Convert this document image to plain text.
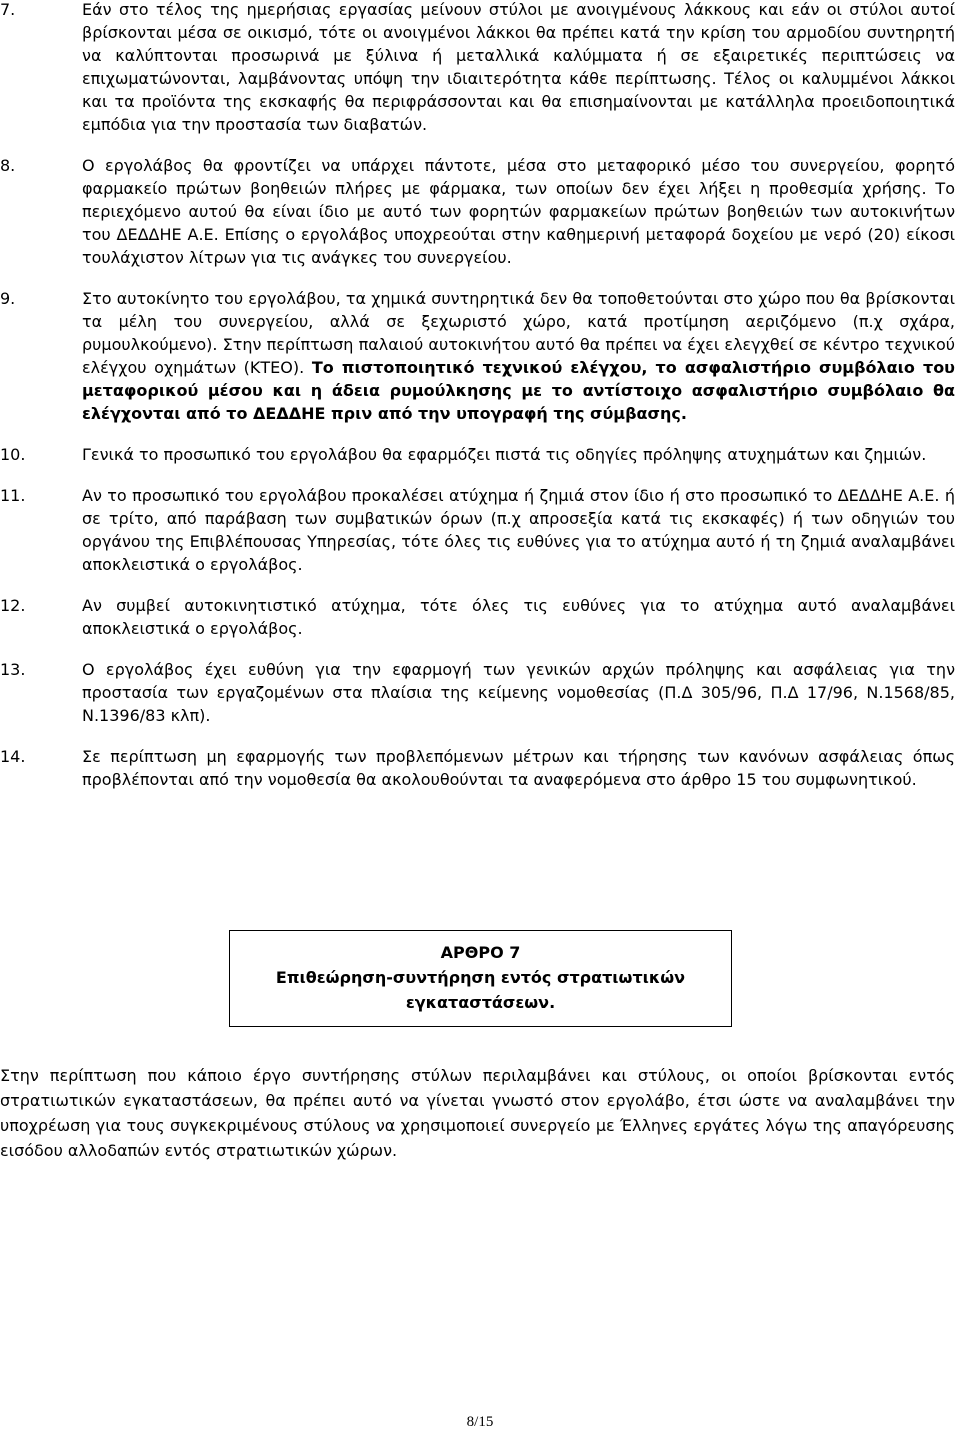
7.	Εάν στο τέλος της ημερήσιας εργασίας μείνουν στύλοι με ανοιγμένους λάκκους και εάν οι στύλοι αυτοί βρίσκονται μέσα σε οικισμό, τότε οι ανοιγμένοι λάκκοι θα πρέπει κατά την κρίση του αρμοδίου συντηρητή να καλύπτονται προσωρινά με ξύλινα ή μεταλλικά καλύμματα ή σε εξαιρετικές περιπτώσεις να επιχωματώνονται, λαμβάνοντας υπόψη την ιδιαιτερότητα κάθε περίπτωσης. Τέλος οι καλυμμένοι λάκκοι και τα προϊόντα της εκσκαφής θα περιφράσσονται και θα επισημαίνονται με κατάλληλα προειδοποιητικά εμπόδια για την προστασία των διαβατών.
8.	Ο εργολάβος θα φροντίζει να υπάρχει πάντοτε, μέσα στο μεταφορικό μέσο του συνεργείου, φορητό φαρμακείο πρώτων βοηθειών πλήρες με φάρμακα, των οποίων δεν έχει λήξει η προθεσμία χρήσης. Το περιεχόμενο αυτού θα είναι ίδιο με αυτό των φορητών φαρμακείων πρώτων βοηθειών των αυτοκινήτων του ΔΕΔΔΗΕ Α.Ε. Επίσης ο εργολάβος υποχρεούται στην καθημερινή μεταφορά δοχείου με νερό (20) είκοσι τουλάχιστον λίτρων για τις ανάγκες του συνεργείου.
9.	Στο αυτοκίνητο του εργολάβου, τα χημικά συντηρητικά δεν θα τοποθετούνται στο χώρο που θα βρίσκονται τα μέλη του συνεργείου, αλλά σε ξεχωριστό χώρο, κατά προτίμηση αεριζόμενο (π.χ σχάρα, ρυμουλκούμενο). Στην περίπτωση παλαιού αυτοκινήτου αυτό θα πρέπει να έχει ελεγχθεί σε κέντρο τεχνικού ελέγχου οχημάτων (ΚΤΕΟ). Το πιστοποιητικό τεχνικού ελέγχου, το ασφαλιστήριο συμβόλαιο του μεταφορικού μέσου και η άδεια ρυμούλκησης με το αντίστοιχο ασφαλιστήριο συμβόλαιο θα ελέγχονται από το ΔΕΔΔΗΕ πριν από την υπογραφή της σύμβασης.
10.	Γενικά το προσωπικό του εργολάβου θα εφαρμόζει πιστά τις οδηγίες πρόληψης ατυχημάτων και ζημιών.
11.	Αν το προσωπικό του εργολάβου προκαλέσει ατύχημα ή ζημιά στον ίδιο ή στο προσωπικό το ΔΕΔΔΗΕ Α.Ε. ή σε τρίτο, από παράβαση των συμβατικών όρων (π.χ απροσεξία κατά τις εκσκαφές) ή των οδηγιών του οργάνου της Επιβλέπουσας Υπηρεσίας, τότε όλες τις ευθύνες για το ατύχημα αυτό ή τη ζημιά αναλαμβάνει αποκλειστικά ο εργολάβος.
12.	Αν συμβεί αυτοκινητιστικό ατύχημα, τότε όλες τις ευθύνες για το ατύχημα αυτό αναλαμβάνει αποκλειστικά ο εργολάβος.
13.	Ο εργολάβος έχει ευθύνη για την εφαρμογή των γενικών αρχών πρόληψης και ασφάλειας για την προστασία των εργαζομένων στα πλαίσια της κείμενης νομοθεσίας (Π.Δ 305/96, Π.Δ 17/96, Ν.1568/85, Ν.1396/83 κλπ).
14.	Σε περίπτωση μη εφαρμογής των προβλεπόμενων μέτρων και τήρησης των κανόνων ασφάλειας όπως προβλέπονται από την νομοθεσία θα ακολουθούνται τα αναφερόμενα στο άρθρο 15 του συμφωνητικού.
ΑΡΘΡΟ 7
Επιθεώρηση-συντήρηση εντός στρατιωτικών
εγκαταστάσεων.
Στην περίπτωση που κάποιο έργο συντήρησης στύλων περιλαμβάνει και στύλους, οι οποίοι βρίσκονται εντός στρατιωτικών εγκαταστάσεων, θα πρέπει αυτό να γίνεται γνωστό στον εργολάβο, έτσι ώστε να αναλαμβάνει την υποχρέωση για τους συγκεκριμένους στύλους να χρησιμοποιεί συνεργείο με Έλληνες εργάτες λόγω της απαγόρευσης εισόδου αλλοδαπών εντός στρατιωτικών χώρων.
8/15
